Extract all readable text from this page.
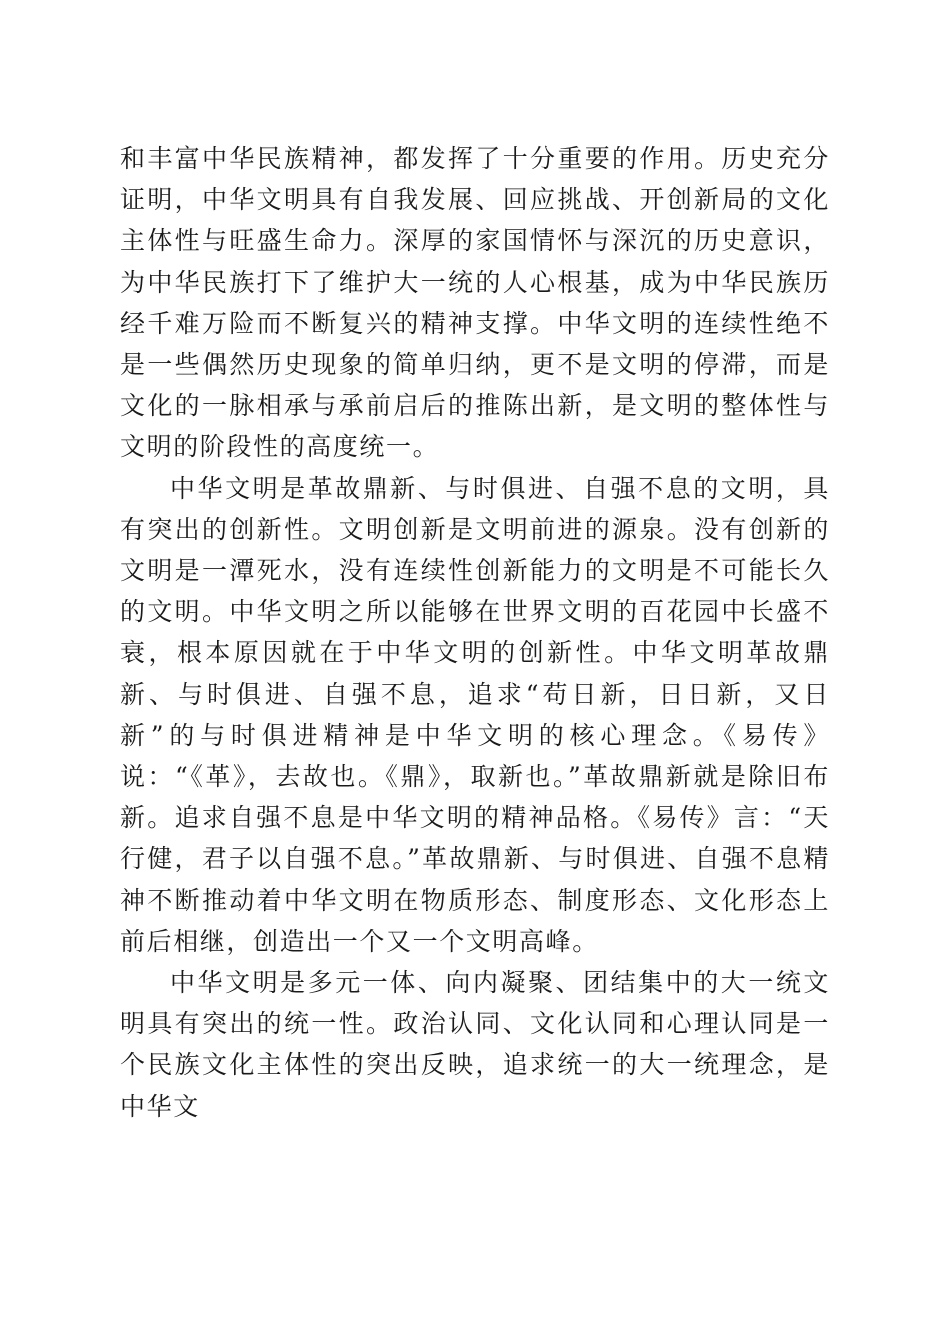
和丰富中华民族精神，都发挥了十分重要的作用。历史充分证明，中华文明具有自我发展、回应挑战、开创新局的文化主体性与旺盛生命力。深厚的家国情怀与深沉的历史意识，为中华民族打下了维护大一统的人心根基，成为中华民族历经千难万险而不断复兴的精神支撑。中华文明的连续性绝不是一些偶然历史现象的简单归纳，更不是文明的停滞，而是文化的一脉相承与承前启后的推陈出新，是文明的整体性与文明的阶段性的高度统一。

中华文明是革故鼎新、与时俱进、自强不息的文明，具有突出的创新性。文明创新是文明前进的源泉。没有创新的文明是一潭死水，没有连续性创新能力的文明是不可能长久的文明。中华文明之所以能够在世界文明的百花园中长盛不衰，根本原因就在于中华文明的创新性。中华文明革故鼎新、与时俱进、自强不息，追求“苟日新，日日新，又日新”的与时俱进精神是中华文明的核心理念。《易传》说：“《革》，去故也。《鼎》，取新也。”革故鼎新就是除旧布新。追求自强不息是中华文明的精神品格。《易传》言：“天行健，君子以自强不息。”革故鼎新、与时俱进、自强不息精神不断推动着中华文明在物质形态、制度形态、文化形态上前后相继，创造出一个又一个文明高峰。

中华文明是多元一体、向内凝聚、团结集中的大一统文明具有突出的统一性。政治认同、文化认同和心理认同是一个民族文化主体性的突出反映，追求统一的大一统理念，是中华文
